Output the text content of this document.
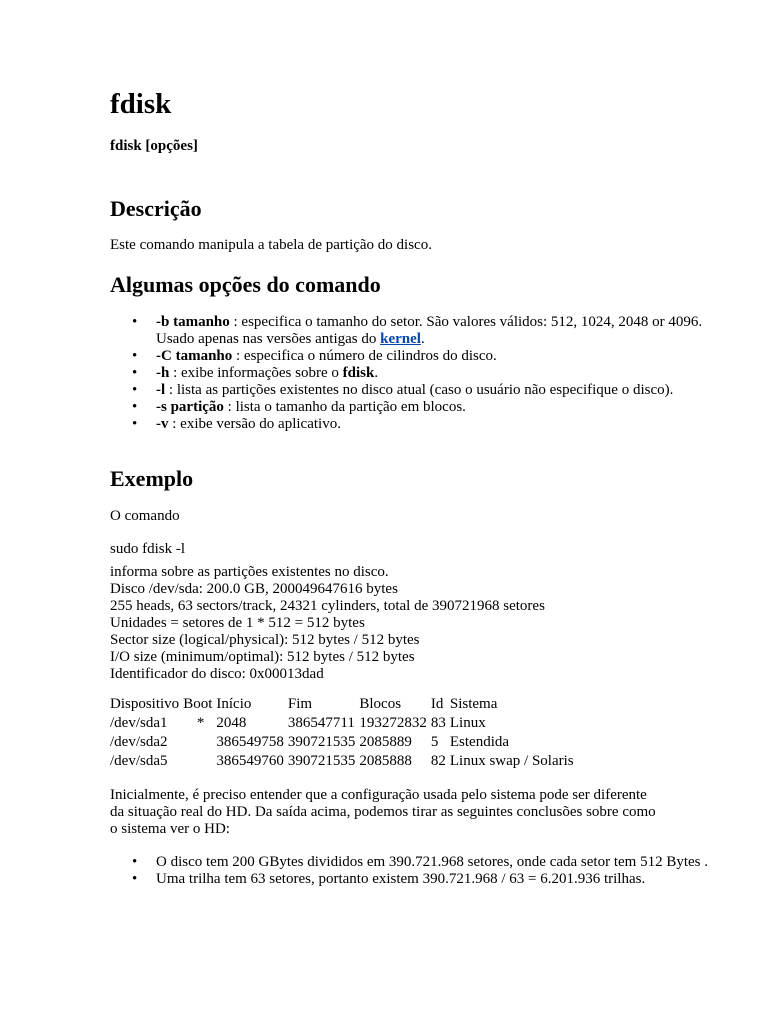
fdisk

fdisk [opções]

Descrição

Este comando manipula a tabela de partição do disco.

Algumas opções do comando
• -b tamanho : especifica o tamanho do setor. São valores válidos: 512, 1024, 2048 or 4096. Usado apenas nas versões antigas do kernel.
• -C tamanho : especifica o número de cilindros do disco.
• -h : exibe informações sobre o fdisk.
• -l : lista as partições existentes no disco atual (caso o usuário não especifique o disco).
• -s partição : lista o tamanho da partição em blocos.
• -v : exibe versão do aplicativo.
Exemplo

O comando

sudo fdisk -l

informa sobre as partições existentes no disco.
Disco /dev/sda: 200.0 GB, 200049647616 bytes
255 heads, 63 sectors/track, 24321 cylinders, total de 390721968 setores
Unidades = setores de 1 * 512 = 512 bytes
Sector size (logical/physical): 512 bytes / 512 bytes
I/O size (minimum/optimal): 512 bytes / 512 bytes
Identificador do disco: 0x00013dad
Dispositivo	Boot	Início	Fim	Blocos	Id	Sistema
/dev/sda1	*	2048	386547711	193272832	83	Linux
/dev/sda2		386549758	390721535	2085889	5	Estendida
/dev/sda5		386549760	390721535	2085888	82	Linux swap / Solaris

Inicialmente, é preciso entender que a configuração usada pelo sistema pode ser diferente da situação real do HD. Da saída acima, podemos tirar as seguintes conclusões sobre como o sistema ver o HD:

• O disco tem 200 GBytes divididos em 390.721.968 setores, onde cada setor tem 512 Bytes .
• Uma trilha tem 63 setores, portanto existem 390.721.968 / 63 = 6.201.936 trilhas.
